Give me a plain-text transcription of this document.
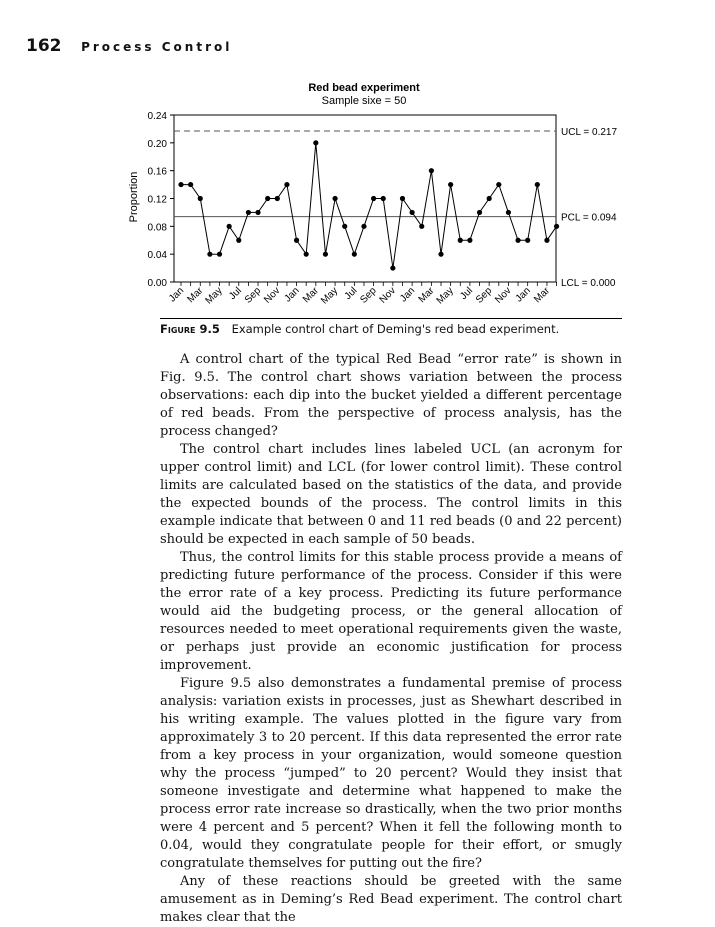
162 Process Control
Red bead experiment
Sample sixe = 50
Proportion
0.00
0.04
0.08
0.12
0.16
0.20
0.24
Jan Mar
May Jul
Sep
Nov Jan Mar
May Jul
Sep
Nov Jan Mar
May Jul
Sep
Nov Jan Mar
UCL = 0.217
PCL = 0.094
LCL = 0.000
Figure 9.5 Example control chart of Deming's red bead experiment.

A control chart of the typical Red Bead “error rate” is shown in Fig. 9.5. The control chart shows variation between the process observations: each dip into the bucket yielded a different percentage of red beads. From the perspective of process analysis, has the process changed?

The control chart includes lines labeled UCL (an acronym for upper control limit) and LCL (for lower control limit). These control limits are calculated based on the statistics of the data, and provide the expected bounds of the process. The control limits in this example indicate that between 0 and 11 red beads (0 and 22 percent) should be expected in each sample of 50 beads.

Thus, the control limits for this stable process provide a means of predicting future performance of the process. Consider if this were the error rate of a key process. Predicting its future performance would aid the budgeting process, or the general allocation of resources needed to meet operational requirements given the waste, or perhaps just provide an economic justification for process improvement.

Figure 9.5 also demonstrates a fundamental premise of process analysis: variation exists in processes, just as Shewhart described in his writing example. The values plotted in the figure vary from approximately 3 to 20 percent. If this data represented the error rate from a key process in your organization, would someone question why the process “jumped” to 20 percent? Would they insist that someone investigate and determine what happened to make the process error rate increase so drastically, when the two prior months were 4 percent and 5 percent? When it fell the following month to 0.04, would they congratulate people for their effort, or smugly congratulate themselves for putting out the fire?

Any of these reactions should be greeted with the same amusement as in Deming’s Red Bead experiment. The control chart makes clear that the
